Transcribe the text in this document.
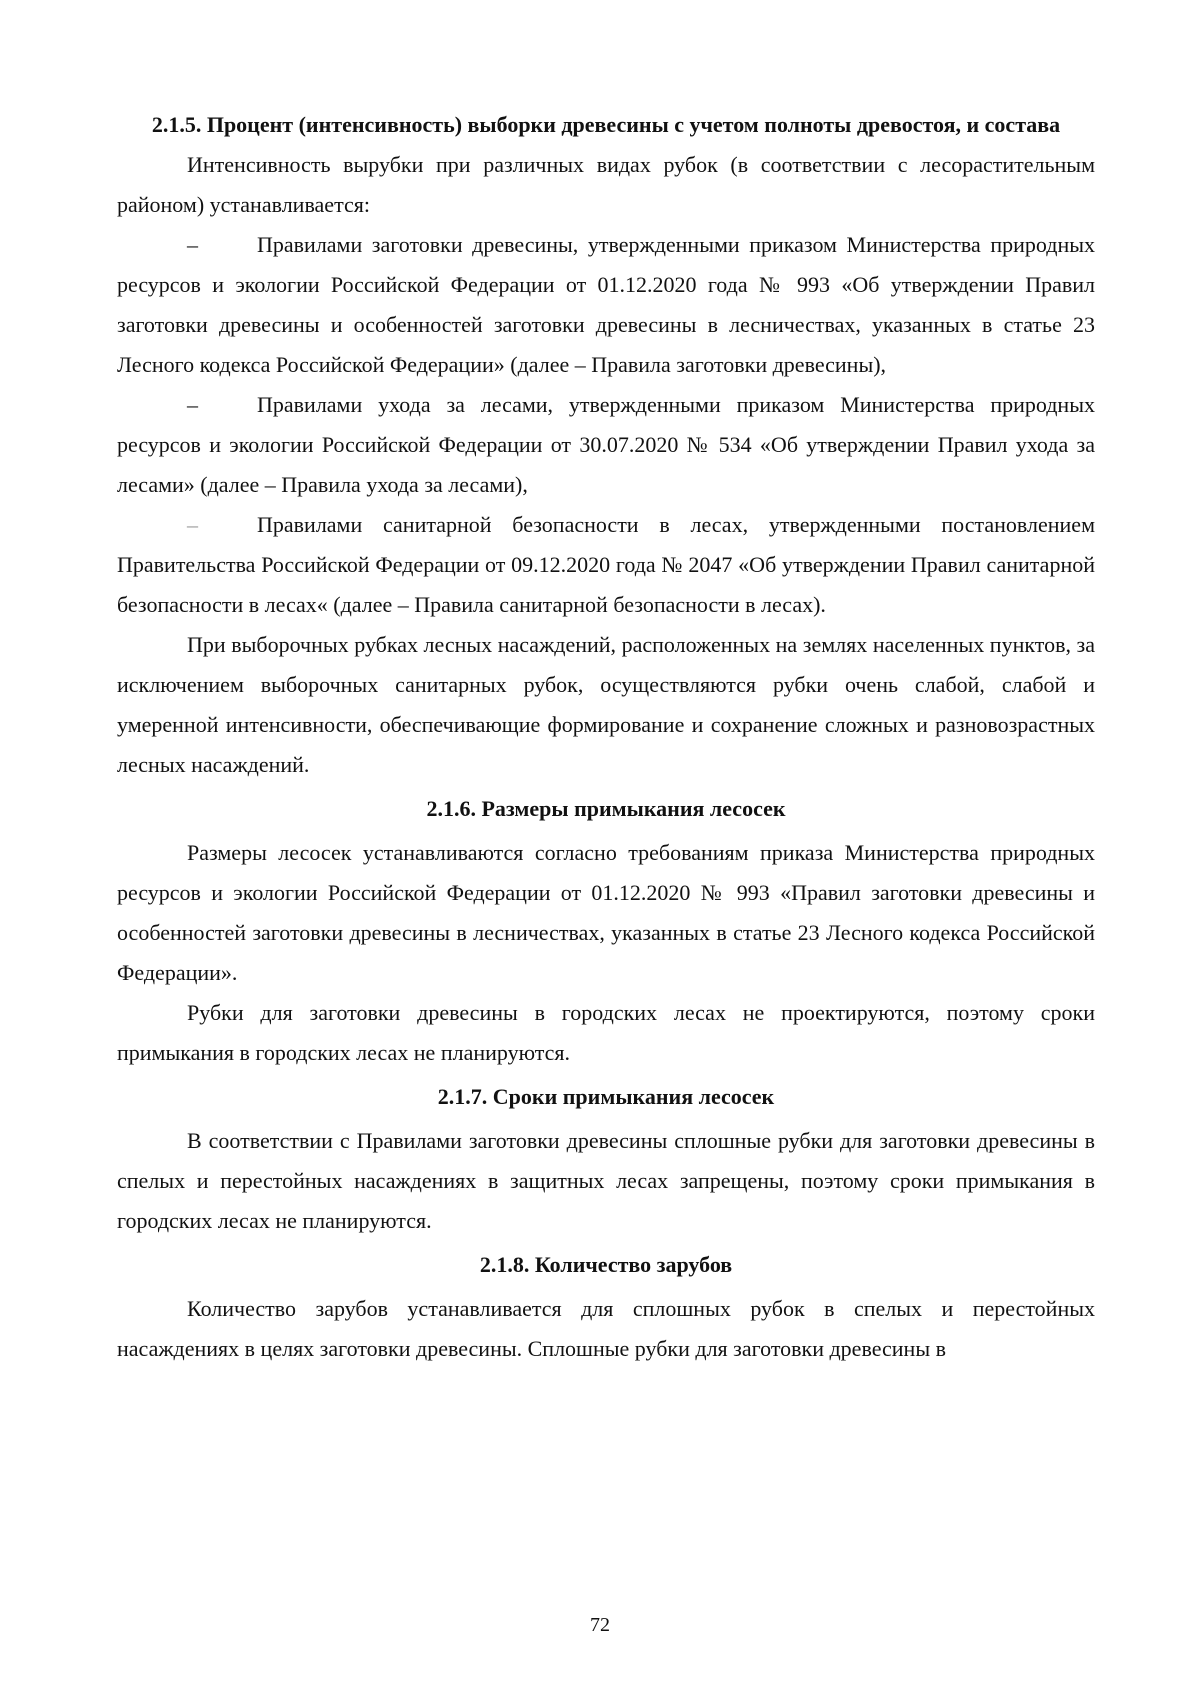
2.1.5. Процент (интенсивность) выборки древесины с учетом полноты древостоя, и состава

Интенсивность вырубки при различных видах рубок (в соответствии с лесорастительным районом) устанавливается:

–	Правилами заготовки древесины, утвержденными приказом Министерства природных ресурсов и экологии Российской Федерации от 01.12.2020 года № 993 «Об утверждении Правил заготовки древесины и особенностей заготовки древесины в лесничествах, указанных в статье 23 Лесного кодекса Российской Федерации» (далее – Правила заготовки древесины),

–	Правилами ухода за лесами, утвержденными приказом Министерства природных ресурсов и экологии Российской Федерации от 30.07.2020 № 534 «Об утверждении Правил ухода за лесами» (далее – Правила ухода за лесами),

–	Правилами санитарной безопасности в лесах, утвержденными постановлением Правительства Российской Федерации от 09.12.2020 года № 2047 «Об утверждении Правил санитарной безопасности в лесах« (далее – Правила санитарной безопасности в лесах).

При выборочных рубках лесных насаждений, расположенных на землях населенных пунктов, за исключением выборочных санитарных рубок, осуществляются рубки очень слабой, слабой и умеренной интенсивности, обеспечивающие формирование и сохранение сложных и разновозрастных лесных насаждений.

2.1.6. Размеры примыкания лесосек

Размеры лесосек устанавливаются согласно требованиям приказа Министерства природных ресурсов и экологии Российской Федерации от 01.12.2020 № 993 «Правил заготовки древесины и особенностей заготовки древесины в лесничествах, указанных в статье 23 Лесного кодекса Российской Федерации».

Рубки для заготовки древесины в городских лесах не проектируются, поэтому сроки примыкания в городских лесах не планируются.

2.1.7. Сроки примыкания лесосек

В соответствии с Правилами заготовки древесины сплошные рубки для заготовки древесины в спелых и перестойных насаждениях в защитных лесах запрещены, поэтому сроки примыкания в городских лесах не планируются.

2.1.8. Количество зарубов

Количество зарубов устанавливается для сплошных рубок в спелых и перестойных насаждениях в целях заготовки древесины. Сплошные рубки для заготовки древесины в

72
